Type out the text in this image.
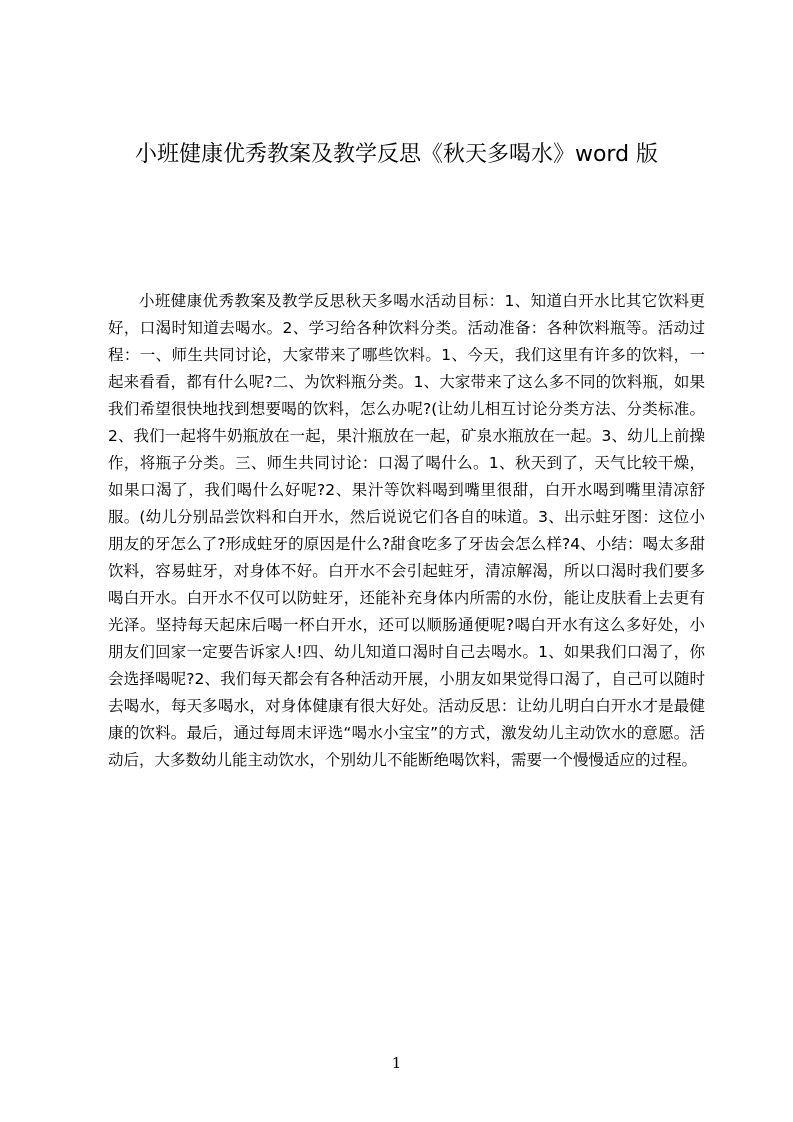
小班健康优秀教案及教学反思《秋天多喝水》word 版

小班健康优秀教案及教学反思秋天多喝水活动目标：1、知道白开水比其它饮料更好，口渴时知道去喝水。2、学习给各种饮料分类。活动准备：各种饮料瓶等。活动过程：一、师生共同讨论，大家带来了哪些饮料。1、今天，我们这里有许多的饮料，一起来看看，都有什么呢?二、为饮料瓶分类。1、大家带来了这么多不同的饮料瓶，如果我们希望很快地找到想要喝的饮料，怎么办呢?(让幼儿相互讨论分类方法、分类标准。2、我们一起将牛奶瓶放在一起，果汁瓶放在一起，矿泉水瓶放在一起。3、幼儿上前操作，将瓶子分类。三、师生共同讨论：口渴了喝什么。1、秋天到了，天气比较干燥，如果口渴了，我们喝什么好呢?2、果汁等饮料喝到嘴里很甜，白开水喝到嘴里清凉舒服。(幼儿分别品尝饮料和白开水，然后说说它们各自的味道。3、出示蛀牙图：这位小朋友的牙怎么了?形成蛀牙的原因是什么?甜食吃多了牙齿会怎么样?4、小结：喝太多甜饮料，容易蛀牙，对身体不好。白开水不会引起蛀牙，清凉解渴，所以口渴时我们要多喝白开水。白开水不仅可以防蛀牙，还能补充身体内所需的水份，能让皮肤看上去更有光泽。坚持每天起床后喝一杯白开水，还可以顺肠通便呢?喝白开水有这么多好处，小朋友们回家一定要告诉家人!四、幼儿知道口渴时自己去喝水。1、如果我们口渴了，你会选择喝呢?2、我们每天都会有各种活动开展，小朋友如果觉得口渴了，自己可以随时去喝水，每天多喝水，对身体健康有很大好处。活动反思：让幼儿明白白开水才是最健康的饮料。最后，通过每周末评选“喝水小宝宝”的方式，激发幼儿主动饮水的意愿。活动后，大多数幼儿能主动饮水，个别幼儿不能断绝喝饮料，需要一个慢慢适应的过程。

1
